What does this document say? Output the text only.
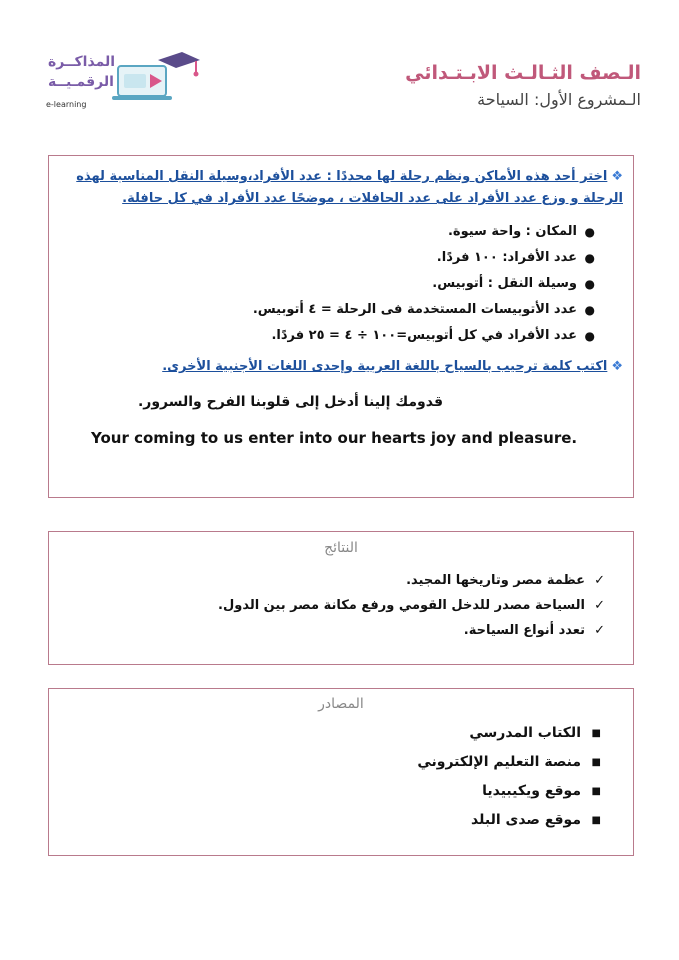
الـصف الثـالـث الابـتـدائي
الـمشروع الأول: السياحة
المذاكــرة
الرقمـيــة
e-learning
❖اختر أحد هذه الأماكن ونظم رحلة لها محددًا : عدد الأفراد،وسيلة النقل المناسبة لهذه الرحلة و وزع عدد الأفراد على عدد الحافلات ، موضحًا عدد الأفراد في كل حافلة.
●
المكان : واحة سيوة.
●
عدد الأفراد: ١٠٠ فردًا.
●
وسيلة النقل : أتوبيس.
●
عدد الأتوبيسات المستخدمة فى الرحلة = ٤ أتوبيس.
●
عدد الأفراد في كل أتوبيس=١٠٠ ÷ ٤ = ٢٥ فردًا.
❖اكتب كلمة ترحيب بالسياح باللغة العربية وإحدى اللغات الأجنبية الأخرى.
قدومك إلينا أدخل إلى قلوبنا الفرح والسرور.
Your coming to us enter into our hearts joy and pleasure.
النتائج
✓
عظمة مصر وتاريخها المجيد.
✓
السياحة مصدر للدخل القومي ورفع مكانة مصر بين الدول.
✓
تعدد أنواع السياحة.
المصادر
■
الكتاب المدرسي
■
منصة التعليم الإلكتروني
■
موقع ويكيبيديا
■
موقع صدى البلد
